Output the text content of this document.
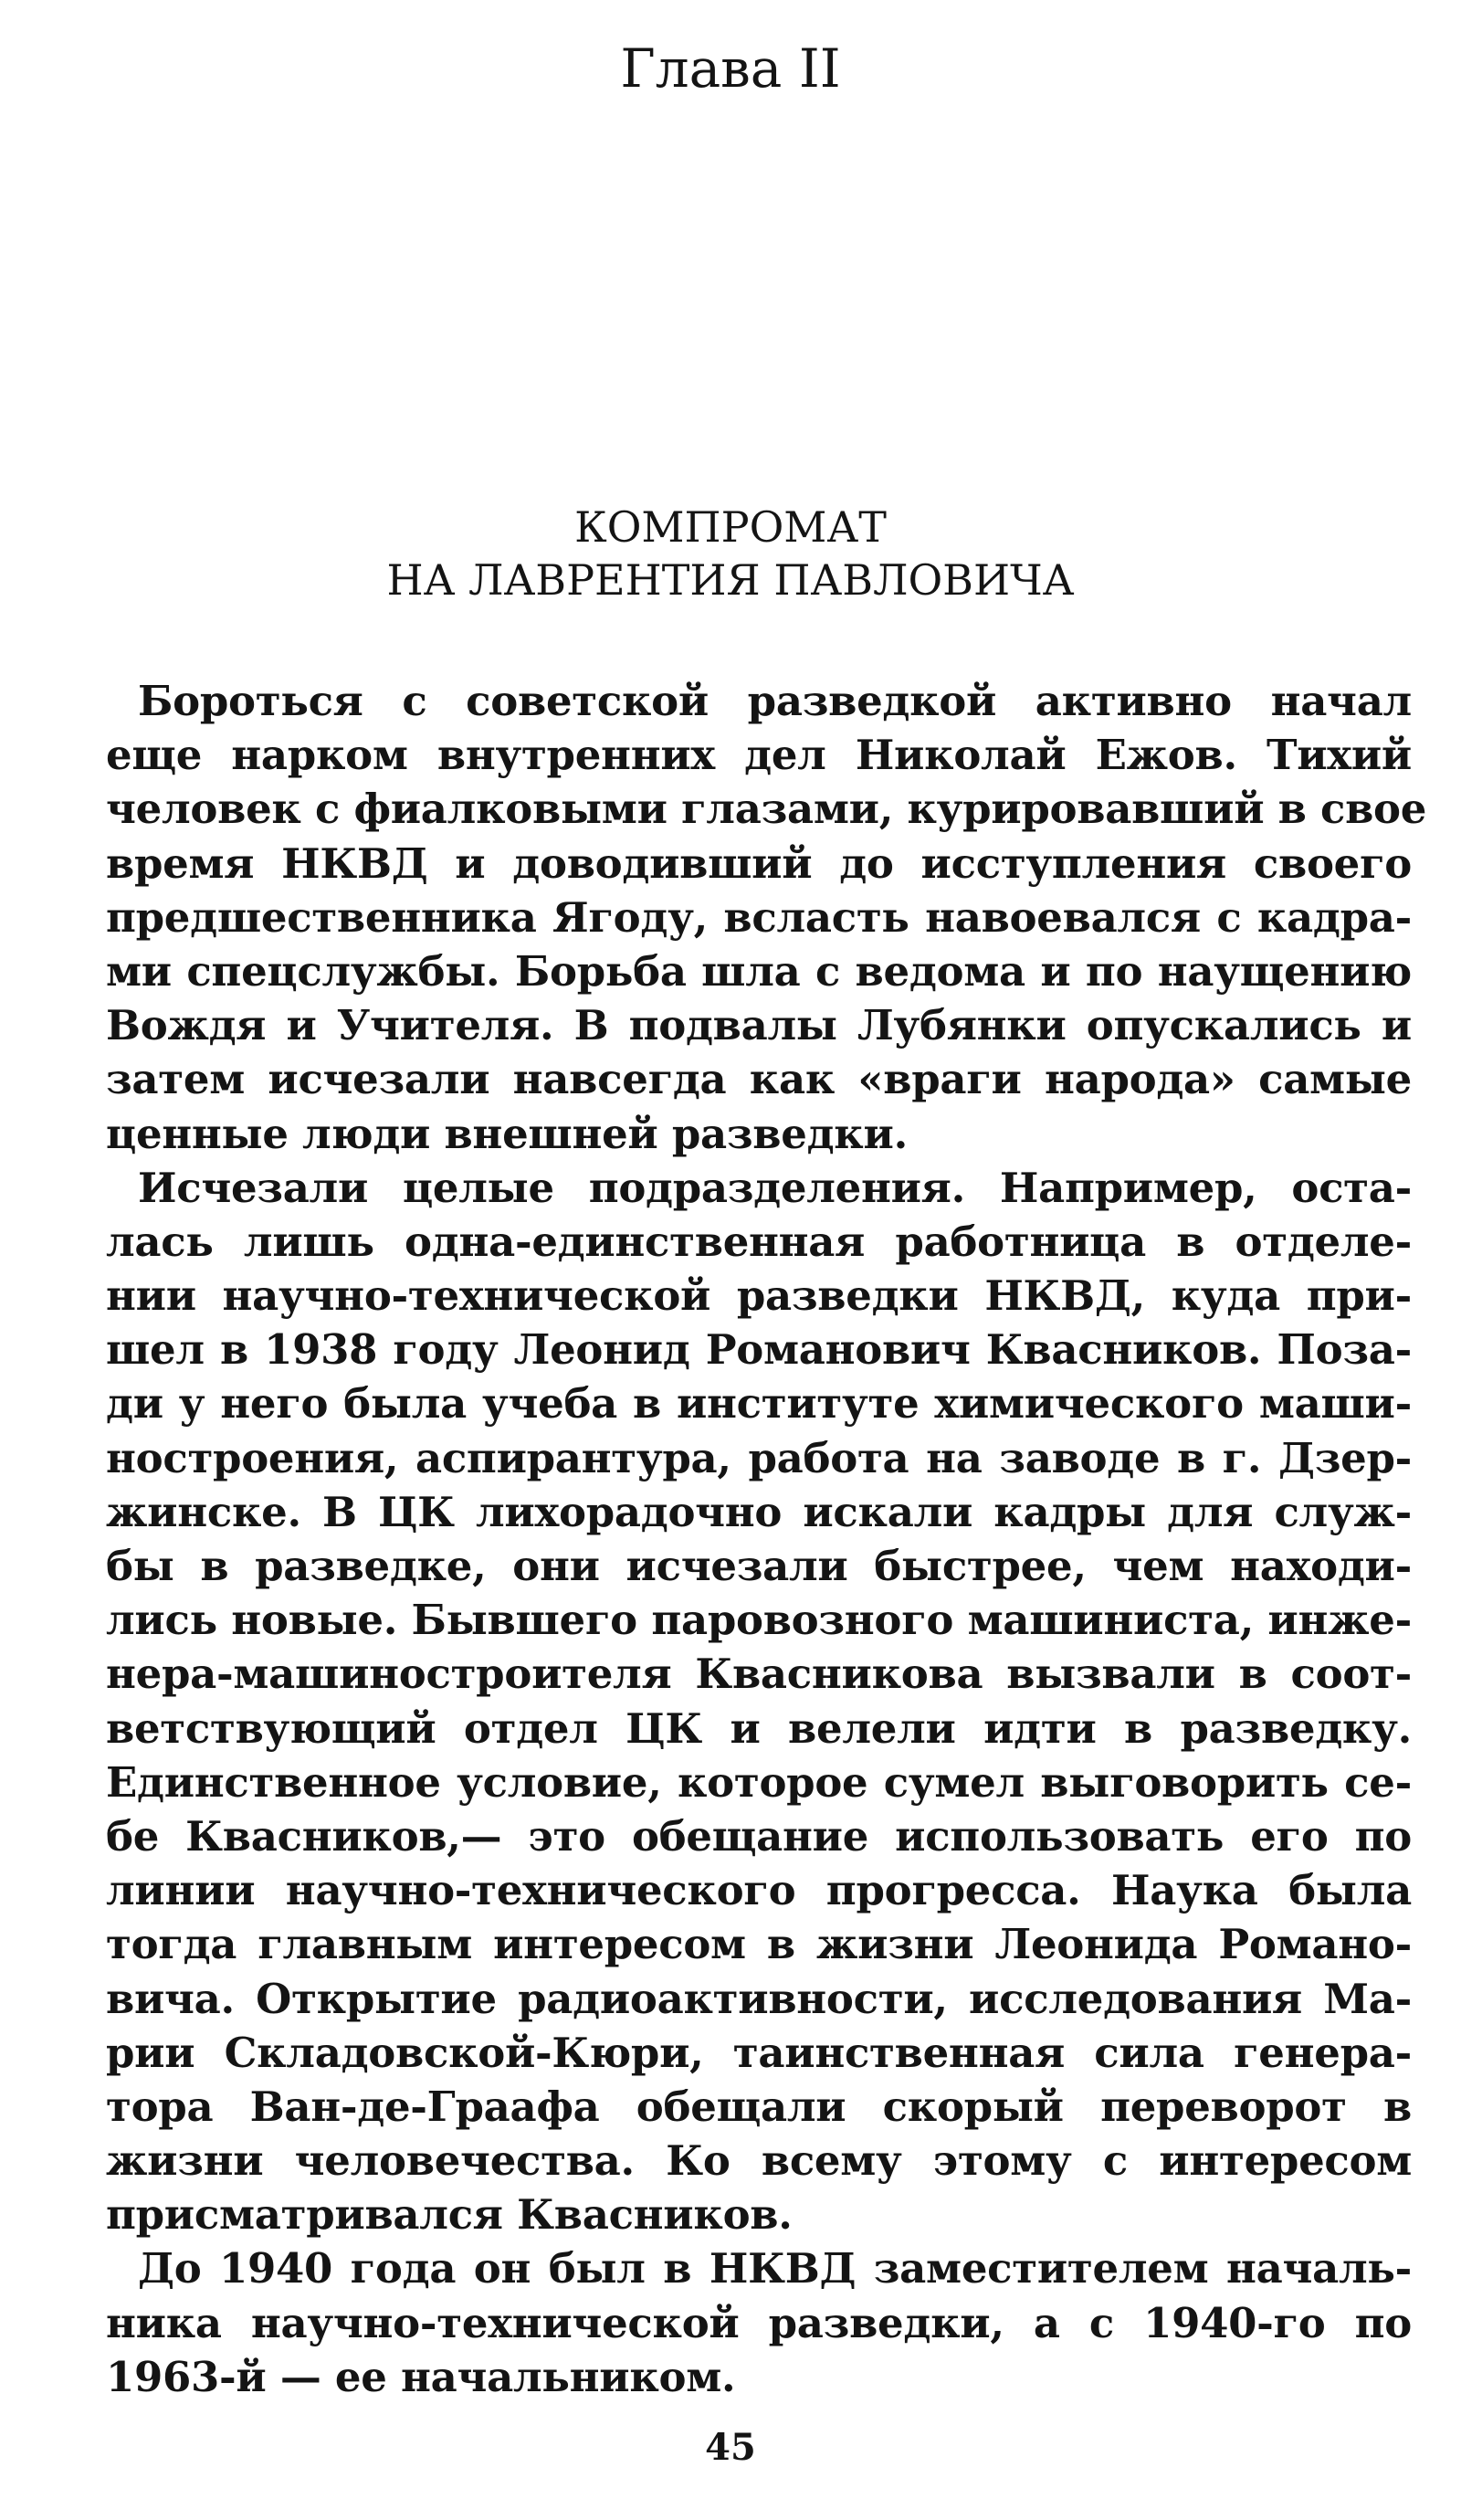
Глава II
КОМПРОМАТ
НА ЛАВРЕНТИЯ ПАВЛОВИЧА
Бороться с советской разведкой активно начал
еще нарком внутренних дел Николай Ежов. Тихий
человек с фиалковыми глазами, курировавший в свое
время НКВД и доводивший до исступления своего
предшественника Ягоду, всласть навоевался с кадра-
ми спецслужбы. Борьба шла с ведома и по наущению
Вождя и Учителя. В подвалы Лубянки опускались и
затем исчезали навсегда как «враги народа» самые
ценные люди внешней разведки.
Исчезали целые подразделения. Например, оста-
лась лишь одна-единственная работница в отделе-
нии научно-технической разведки НКВД, куда при-
шел в 1938 году Леонид Романович Квасников. Поза-
ди у него была учеба в институте химического маши-
ностроения, аспирантура, работа на заводе в г. Дзер-
жинске. В ЦК лихорадочно искали кадры для служ-
бы в разведке, они исчезали быстрее, чем находи-
лись новые. Бывшего паровозного машиниста, инже-
нера-машиностроителя Квасникова вызвали в соот-
ветствующий отдел ЦК и велели идти в разведку.
Единственное условие, которое сумел выговорить се-
бе Квасников,— это обещание использовать его по
линии научно-технического прогресса. Наука была
тогда главным интересом в жизни Леонида Романо-
вича. Открытие радиоактивности, исследования Ма-
рии Складовской-Кюри, таинственная сила генера-
тора Ван-де-Граафа обещали скорый переворот в
жизни человечества. Ко всему этому с интересом
присматривался Квасников.
До 1940 года он был в НКВД заместителем началь-
ника научно-технической разведки, а с 1940-го по
1963-й — ее начальником.
45
